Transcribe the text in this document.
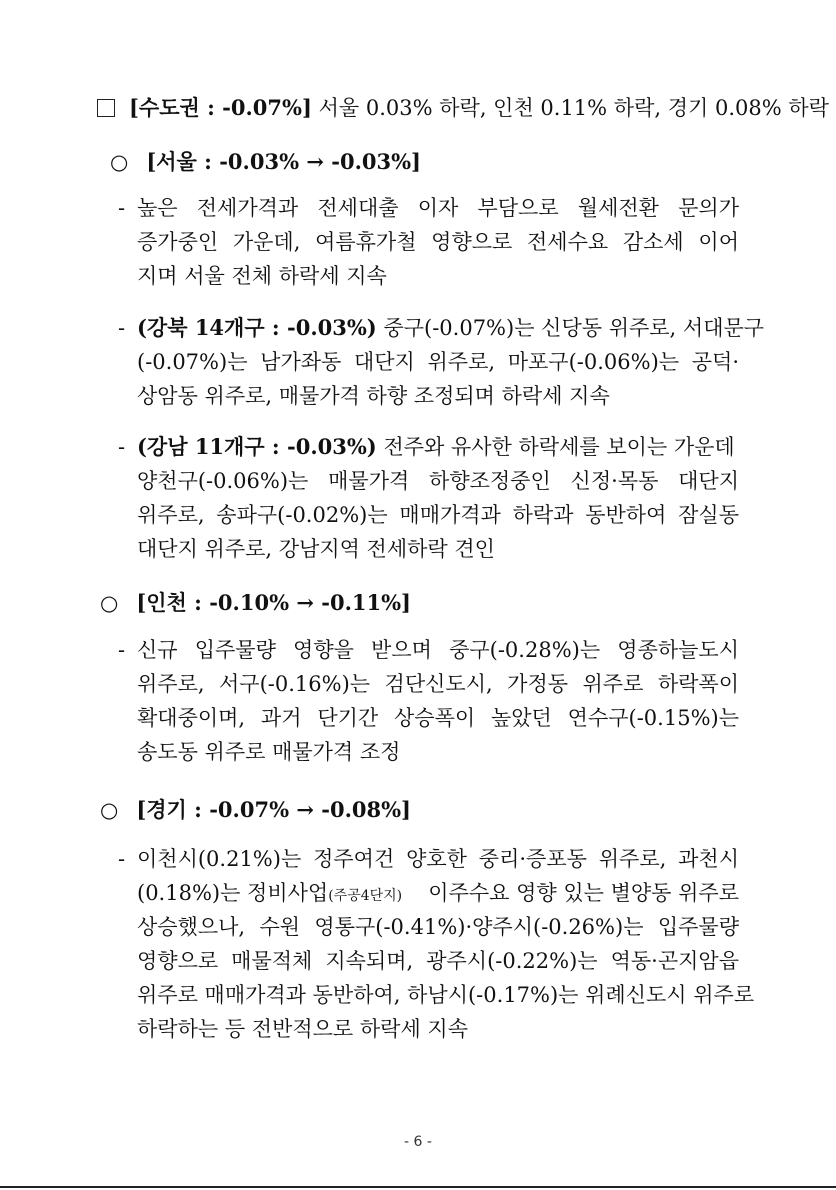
[수도권 : -0.07%] 서울 0.03% 하락, 인천 0.11% 하락, 경기 0.08% 하락
○ [서울 : -0.03% → -0.03%]
- 높은 전세가격과 전세대출 이자 부담으로 월세전환 문의가
증가중인 가운데, 여름휴가철 영향으로 전세수요 감소세 이어
지며 서울 전체 하락세 지속
- (강북 14개구 : -0.03%) 중구(-0.07%)는 신당동 위주로, 서대문구
(-0.07%)는 남가좌동 대단지 위주로, 마포구(-0.06%)는 공덕·
상암동 위주로, 매물가격 하향 조정되며 하락세 지속
- (강남 11개구 : -0.03%) 전주와 유사한 하락세를 보이는 가운데
양천구(-0.06%)는 매물가격 하향조정중인 신정·목동 대단지
위주로, 송파구(-0.02%)는 매매가격과 하락과 동반하여 잠실동
대단지 위주로, 강남지역 전세하락 견인
○ [인천 : -0.10% → -0.11%]
- 신규 입주물량 영향을 받으며 중구(-0.28%)는 영종하늘도시
위주로, 서구(-0.16%)는 검단신도시, 가정동 위주로 하락폭이
확대중이며, 과거 단기간 상승폭이 높았던 연수구(-0.15%)는
송도동 위주로 매물가격 조정
○ [경기 : -0.07% → -0.08%]
- 이천시(0.21%)는 정주여건 양호한 중리·증포동 위주로, 과천시
(0.18%)는 정비사업(주공4단지) 이주수요 영향 있는 별양동 위주로
상승했으나, 수원 영통구(-0.41%)·양주시(-0.26%)는 입주물량
영향으로 매물적체 지속되며, 광주시(-0.22%)는 역동·곤지암읍
위주로 매매가격과 동반하여, 하남시(-0.17%)는 위례신도시 위주로
하락하는 등 전반적으로 하락세 지속
- 6 -
